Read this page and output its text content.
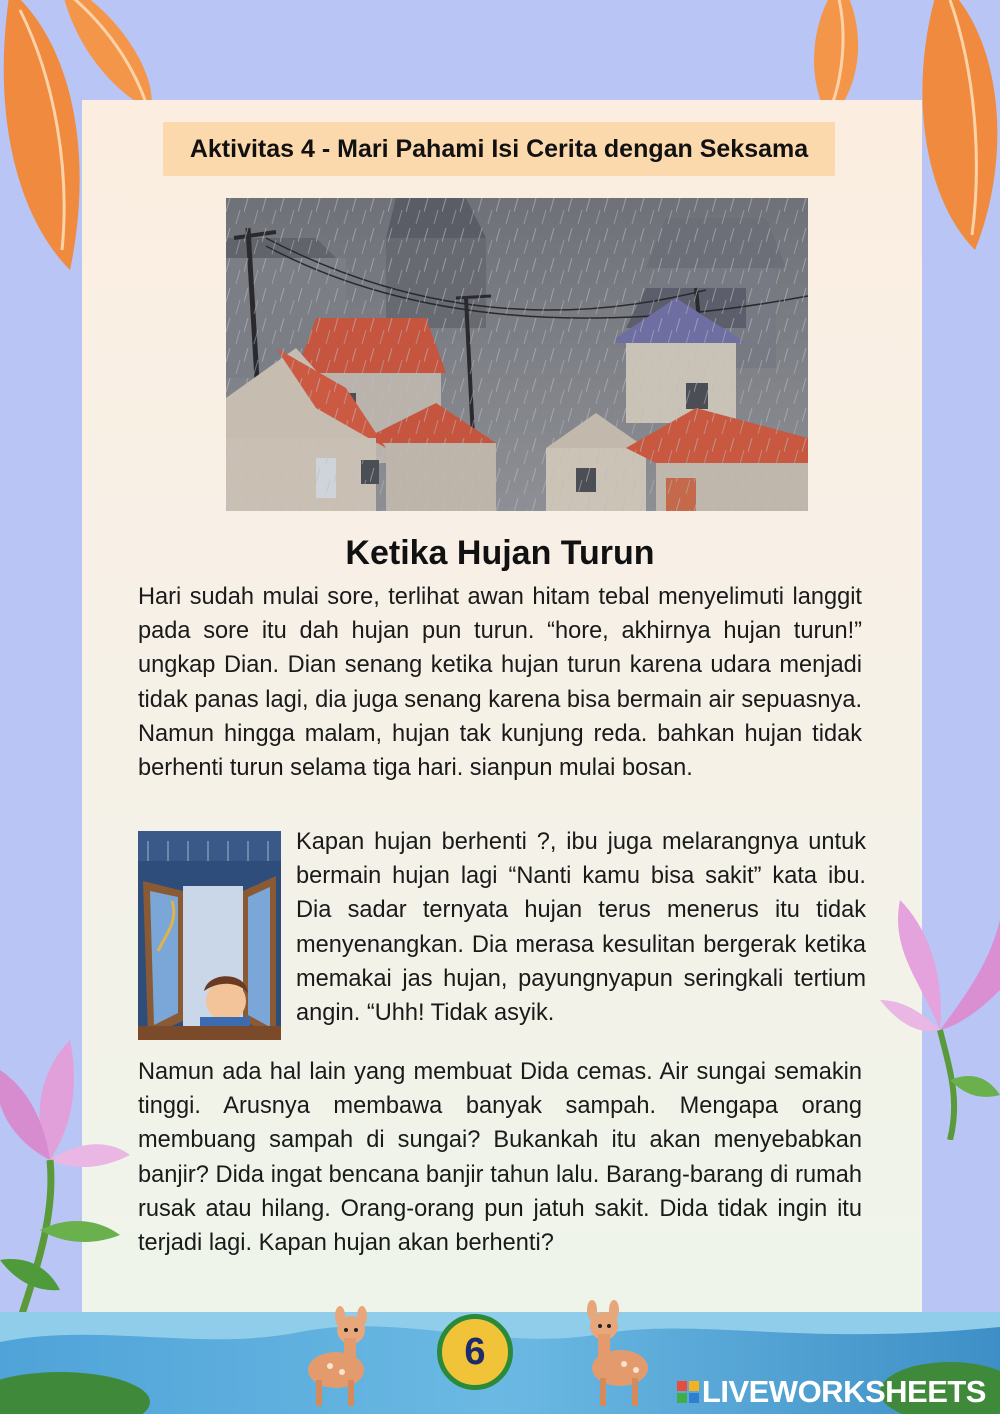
Aktivitas 4 - Mari Pahami Isi Cerita dengan Seksama
Ketika Hujan Turun

Hari sudah mulai sore, terlihat awan hitam tebal menyelimuti langgit pada sore itu dah hujan pun turun. “hore, akhirnya hujan turun!” ungkap Dian. Dian senang ketika hujan turun karena udara menjadi tidak panas lagi, dia juga senang karena bisa bermain air sepuasnya. Namun hingga malam, hujan tak kunjung reda. bahkan hujan tidak berhenti turun selama tiga hari. sianpun mulai bosan.

Kapan hujan berhenti ?, ibu juga melarangnya untuk bermain hujan lagi “Nanti kamu bisa sakit” kata ibu. Dia sadar ternyata hujan terus menerus itu tidak menyenangkan. Dia merasa kesulitan bergerak ketika memakai jas hujan, payungnyapun seringkali tertium angin. “Uhh! Tidak asyik.

Namun ada hal lain yang membuat Dida cemas. Air sungai semakin tinggi. Arusnya membawa banyak sampah. Mengapa orang membuang sampah di sungai? Bukankah itu akan menyebabkan banjir? Dida ingat bencana banjir tahun lalu. Barang-barang di rumah rusak atau hilang. Orang-orang pun jatuh sakit. Dida tidak ingin itu terjadi lagi. Kapan hujan akan berhenti?

6
LIVEWORKSHEETS
